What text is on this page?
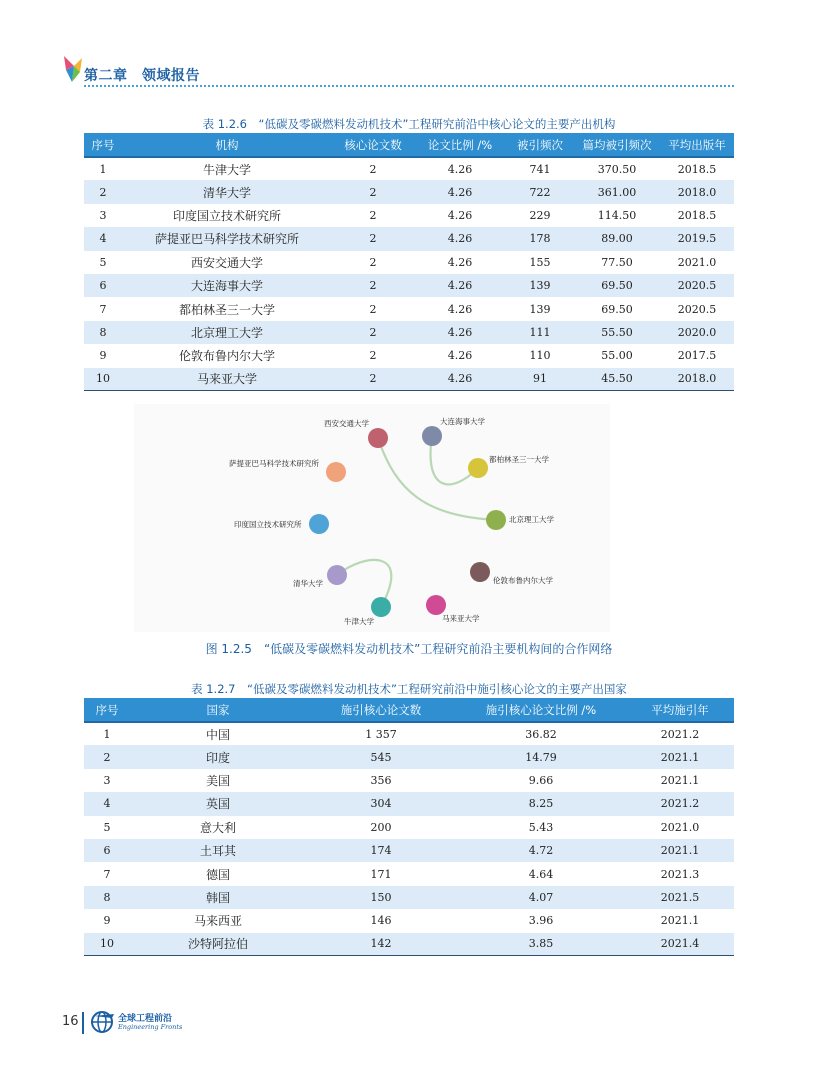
第二章　领域报告
表 1.2.6　“低碳及零碳燃料发动机技术”工程研究前沿中核心论文的主要产出机构
序号	机构	核心论文数	论文比例 /%	被引频次	篇均被引频次	平均出版年
1	牛津大学	2	4.26	741	370.50	2018.5
2	清华大学	2	4.26	722	361.00	2018.0
3	印度国立技术研究所	2	4.26	229	114.50	2018.5
4	萨提亚巴马科学技术研究所	2	4.26	178	89.00	2019.5
5	西安交通大学	2	4.26	155	77.50	2021.0
6	大连海事大学	2	4.26	139	69.50	2020.5
7	都柏林圣三一大学	2	4.26	139	69.50	2020.5
8	北京理工大学	2	4.26	111	55.50	2020.0
9	伦敦布鲁内尔大学	2	4.26	110	55.00	2017.5
10	马来亚大学	2	4.26	91	45.50	2018.0
西安交通大学	大连海事大学
都柏林圣三一大学
北京理工大学
伦敦布鲁内尔大学
马来亚大学
牛津大学
清华大学
印度国立技术研究所
萨提亚巴马科学技术研究所
图 1.2.5　“低碳及零碳燃料发动机技术”工程研究前沿主要机构间的合作网络
表 1.2.7　“低碳及零碳燃料发动机技术”工程研究前沿中施引核心论文的主要产出国家
序号	国家	施引核心论文数	施引核心论文比例 /%	平均施引年
1	中国	1 357	36.82	2021.2
2	印度	545	14.79	2021.1
3	美国	356	9.66	2021.1
4	英国	304	8.25	2021.2
5	意大利	200	5.43	2021.0
6	土耳其	174	4.72	2021.1
7	德国	171	4.64	2021.3
8	韩国	150	4.07	2021.5
9	马来西亚	146	3.96	2021.1
10	沙特阿拉伯	142	3.85	2021.4
16	全球工程前沿
Engineering Fronts
